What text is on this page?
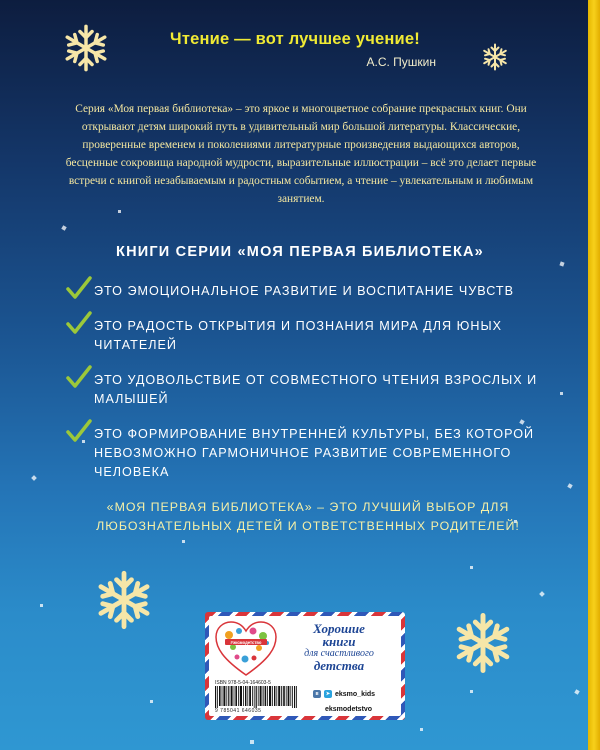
Чтение — вот лучшее учение!
А.С. Пушкин

Серия «Моя первая библиотека» – это яркое и многоцветное собрание прекрасных книг. Они открывают детям широкий путь в удивительный мир большой литературы. Классические, проверенные временем и поколениями литературные произведения выдающихся авторов, бесценные сокровища народной мудрости, выразительные иллюстрации – всё это делает первые встречи с книгой незабываемым и радостным событием, а чтение – увлекательным и любимым занятием.

КНИГИ СЕРИИ «МОЯ ПЕРВАЯ БИБЛИОТЕКА»
ЭТО ЭМОЦИОНАЛЬНОЕ РАЗВИТИЕ И ВОСПИТАНИЕ ЧУВСТВ
ЭТО РАДОСТЬ ОТКРЫТИЯ И ПОЗНАНИЯ МИРА ДЛЯ ЮНЫХ ЧИТАТЕЛЕЙ
ЭТО УДОВОЛЬСТВИЕ ОТ СОВМЕСТНОГО ЧТЕНИЯ ВЗРОСЛЫХ И МАЛЫШЕЙ
ЭТО ФОРМИРОВАНИЕ ВНУТРЕННЕЙ КУЛЬТУРЫ, БЕЗ КОТОРОЙ НЕВОЗМОЖНО ГАРМОНИЧНОЕ РАЗВИТИЕ СОВРЕМЕННОГО ЧЕЛОВЕКА

«МОЯ ПЕРВАЯ БИБЛИОТЕКА» – ЭТО ЛУЧШИЙ ВЫБОР ДЛЯ ЛЮБОЗНАТЕЛЬНЫХ ДЕТЕЙ И ОТВЕТСТВЕННЫХ РОДИТЕЛЕЙ!

#эксмодетство
Хорошие
книги

для счастливого
детства
ISBN 978-5-04-164603-5
9 785041 646035
в	➤ eksmo_kids
eksmodetstvo
